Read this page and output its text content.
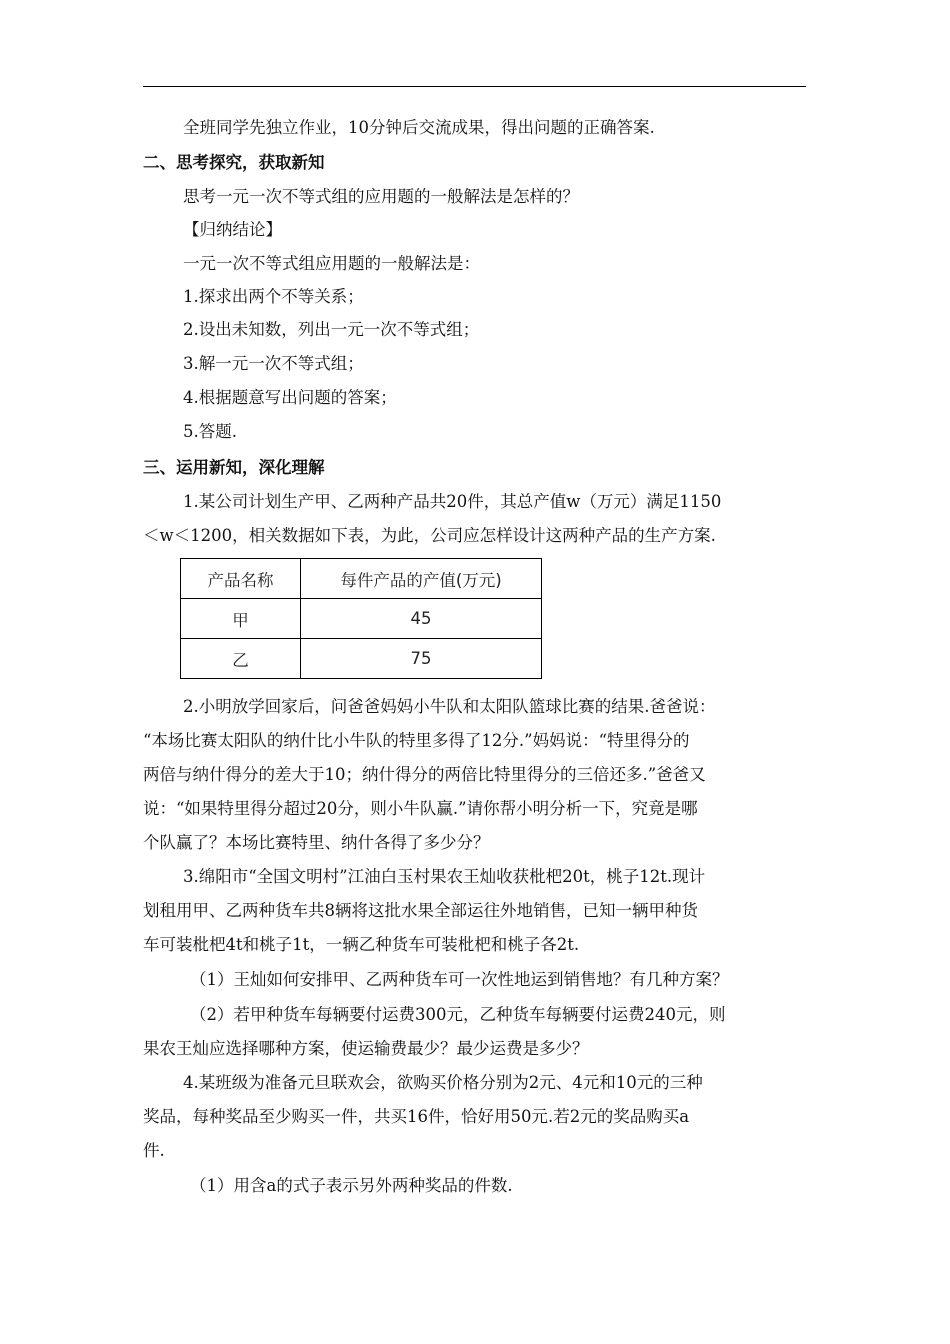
全班同学先独立作业，10分钟后交流成果，得出问题的正确答案.
二、思考探究，获取新知
思考一元一次不等式组的应用题的一般解法是怎样的？
【归纳结论】
一元一次不等式组应用题的一般解法是：
1.探求出两个不等关系；
2.设出未知数，列出一元一次不等式组；
3.解一元一次不等式组；
4.根据题意写出问题的答案；
5.答题.
三、运用新知，深化理解
1.某公司计划生产甲、乙两种产品共20件，其总产值w（万元）满足1150
＜w＜1200，相关数据如下表，为此，公司应怎样设计这两种产品的生产方案.
产品名称	每件产品的产值(万元)
甲	45
乙	75
2.小明放学回家后，问爸爸妈妈小牛队和太阳队篮球比赛的结果.爸爸说：
“本场比赛太阳队的纳什比小牛队的特里多得了12分.”妈妈说：“特里得分的
两倍与纳什得分的差大于10；纳什得分的两倍比特里得分的三倍还多.”爸爸又
说：“如果特里得分超过20分，则小牛队赢.”请你帮小明分析一下，究竟是哪
个队赢了？本场比赛特里、纳什各得了多少分？
3.绵阳市“全国文明村”江油白玉村果农王灿收获枇杷20t，桃子12t.现计
划租用甲、乙两种货车共8辆将这批水果全部运往外地销售，已知一辆甲种货
车可装枇杷4t和桃子1t，一辆乙种货车可装枇杷和桃子各2t.
（1）王灿如何安排甲、乙两种货车可一次性地运到销售地？有几种方案？
（2）若甲种货车每辆要付运费300元，乙种货车每辆要付运费240元，则
果农王灿应选择哪种方案，使运输费最少？最少运费是多少？
4.某班级为准备元旦联欢会，欲购买价格分别为2元、4元和10元的三种
奖品，每种奖品至少购买一件，共买16件，恰好用50元.若2元的奖品购买a
件.
（1）用含a的式子表示另外两种奖品的件数.
